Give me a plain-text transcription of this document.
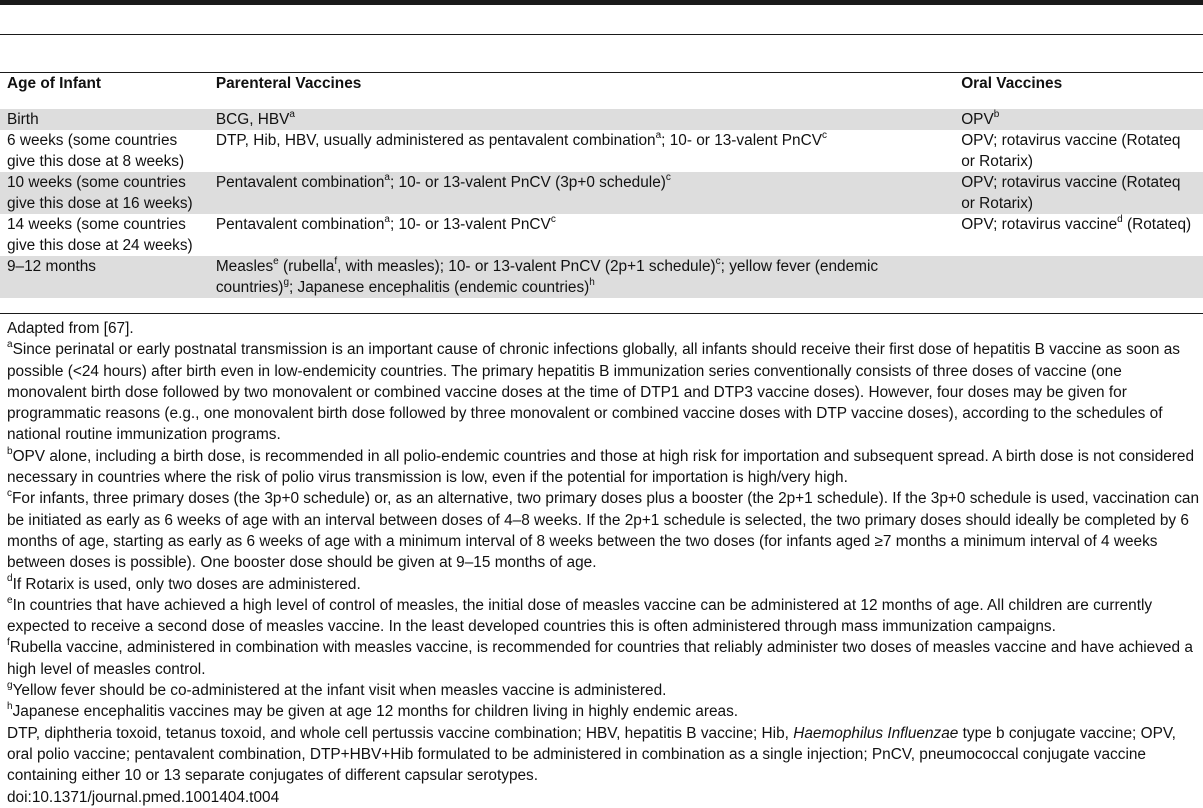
Age of Infant	Parenteral Vaccines	Oral Vaccines
Birth	BCG, HBV$^a$	OPV$^b$
6 weeks (some countries give this dose at 8 weeks)	DTP, Hib, HBV, usually administered as pentavalent combination$^a$; 10- or 13-valent PnCV$^c$	OPV; rotavirus vaccine (Rotateq or Rotarix)
10 weeks (some countries give this dose at 16 weeks)	Pentavalent combination$^a$; 10- or 13-valent PnCV (3p+0 schedule)$^c$	OPV; rotavirus vaccine (Rotateq or Rotarix)
14 weeks (some countries give this dose at 24 weeks)	Pentavalent combination$^a$; 10- or 13-valent PnCV$^c$	OPV; rotavirus vaccine$^d$ (Rotateq)
9–12 months	Measles$^e$ (rubella$^f$, with measles); 10- or 13-valent PnCV (2p+1 schedule)$^c$; yellow fever (endemic countries)$^g$; Japanese encephalitis (endemic countries)$^h$	

Adapted from [67].

$^a$Since perinatal or early postnatal transmission is an important cause of chronic infections globally, all infants should receive their first dose of hepatitis B vaccine as soon as possible (<24 hours) after birth even in low-endemicity countries. The primary hepatitis B immunization series conventionally consists of three doses of vaccine (one monovalent birth dose followed by two monovalent or combined vaccine doses at the time of DTP1 and DTP3 vaccine doses). However, four doses may be given for programmatic reasons (e.g., one monovalent birth dose followed by three monovalent or combined vaccine doses with DTP vaccine doses), according to the schedules of national routine immunization programs.

$^b$OPV alone, including a birth dose, is recommended in all polio-endemic countries and those at high risk for importation and subsequent spread. A birth dose is not considered necessary in countries where the risk of polio virus transmission is low, even if the potential for importation is high/very high.

$^c$For infants, three primary doses (the 3p+0 schedule) or, as an alternative, two primary doses plus a booster (the 2p+1 schedule). If the 3p+0 schedule is used, vaccination can be initiated as early as 6 weeks of age with an interval between doses of 4–8 weeks. If the 2p+1 schedule is selected, the two primary doses should ideally be completed by 6 months of age, starting as early as 6 weeks of age with a minimum interval of 8 weeks between the two doses (for infants aged ≥7 months a minimum interval of 4 weeks between doses is possible). One booster dose should be given at 9–15 months of age.

$^d$If Rotarix is used, only two doses are administered.

$^e$In countries that have achieved a high level of control of measles, the initial dose of measles vaccine can be administered at 12 months of age. All children are currently expected to receive a second dose of measles vaccine. In the least developed countries this is often administered through mass immunization campaigns.

$^f$Rubella vaccine, administered in combination with measles vaccine, is recommended for countries that reliably administer two doses of measles vaccine and have achieved a high level of measles control.

$^g$Yellow fever should be co-administered at the infant visit when measles vaccine is administered.

$^h$Japanese encephalitis vaccines may be given at age 12 months for children living in highly endemic areas.

DTP, diphtheria toxoid, tetanus toxoid, and whole cell pertussis vaccine combination; HBV, hepatitis B vaccine; Hib, Haemophilus Influenzae type b conjugate vaccine; OPV, oral polio vaccine; pentavalent combination, DTP+HBV+Hib formulated to be administered in combination as a single injection; PnCV, pneumococcal conjugate vaccine containing either 10 or 13 separate conjugates of different capsular serotypes.

doi:10.1371/journal.pmed.1001404.t004
